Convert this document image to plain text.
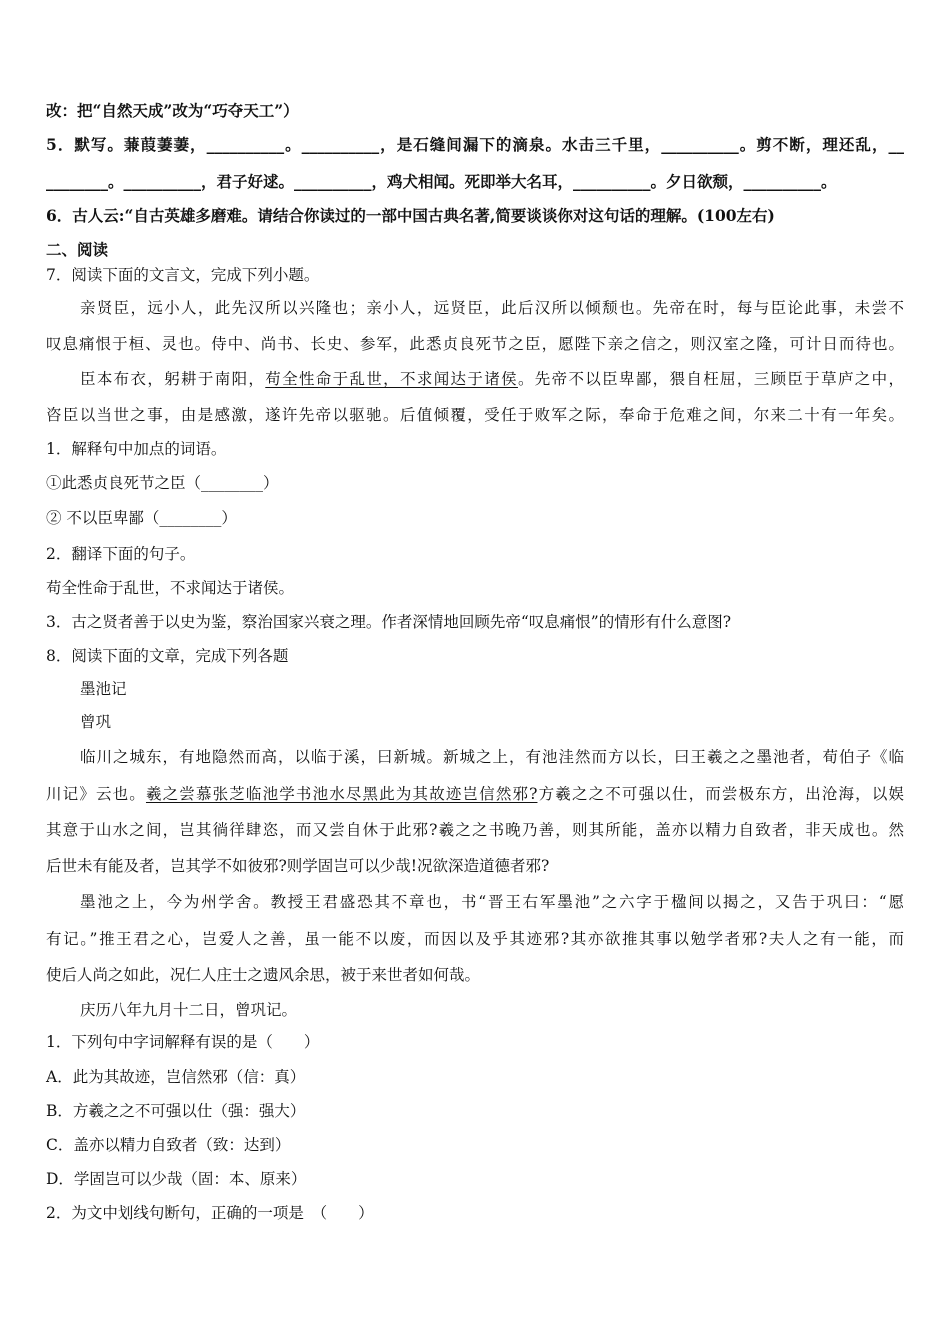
改：把“自然天成”改为“巧夺天工”）
5．默写。蒹葭萋萋，__________。__________，是石缝间漏下的滴泉。水击三千里，__________。剪不断，理还乱，__
________。__________，君子好逑。__________，鸡犬相闻。死即举大名耳，__________。夕日欲颓，__________。
6．古人云:“自古英雄多磨难。请结合你读过的一部中国古典名著,简要谈谈你对这句话的理解。(100左右)
二、阅读
7．阅读下面的文言文，完成下列小题。
亲贤臣，远小人，此先汉所以兴隆也；亲小人，远贤臣，此后汉所以倾颓也。先帝在时，每与臣论此事，未尝不
叹息痛恨于桓、灵也。侍中、尚书、长史、参军，此悉贞良死节之臣，愿陛下亲之信之，则汉室之隆，可计日而待也。
臣本布衣，躬耕于南阳，苟全性命于乱世，不求闻达于诸侯。先帝不以臣卑鄙，猥自枉屈，三顾臣于草庐之中，
咨臣以当世之事，由是感激，遂许先帝以驱驰。后值倾覆，受任于败军之际，奉命于危难之间，尔来二十有一年矣。
1．解释句中加点的词语。
①此悉贞良死节之臣（________）
② 不以臣卑鄙（________）
2．翻译下面的句子。
苟全性命于乱世，不求闻达于诸侯。
3．古之贤者善于以史为鉴，察治国家兴衰之理。作者深情地回顾先帝“叹息痛恨”的情形有什么意图?
8．阅读下面的文章，完成下列各题
墨池记
曾巩
临川之城东，有地隐然而高，以临于溪，曰新城。新城之上，有池洼然而方以长，曰王羲之之墨池者，荀伯子《临
川记》云也。羲之尝慕张芝临池学书池水尽黑此为其故迹岂信然邪?方羲之之不可强以仕，而尝极东方，出沧海，以娱
其意于山水之间，岂其徜徉肆恣，而又尝自休于此邪?羲之之书晚乃善，则其所能，盖亦以精力自致者，非天成也。然
后世未有能及者，岂其学不如彼邪?则学固岂可以少哉!况欲深造道德者邪?
墨池之上，今为州学舍。教授王君盛恐其不章也，书“晋王右军墨池”之六字于楹间以揭之，又告于巩曰：“愿
有记。”推王君之心，岂爱人之善，虽一能不以废，而因以及乎其迹邪?其亦欲推其事以勉学者邪?夫人之有一能，而
使后人尚之如此，况仁人庄士之遗风余思，被于来世者如何哉。
庆历八年九月十二日，曾巩记。
1．下列句中字词解释有误的是（　　）
A．此为其故迹，岂信然邪（信：真）
B．方羲之之不可强以仕（强：强大）
C．盖亦以精力自致者（致：达到）
D．学固岂可以少哉（固：本、原来）
2．为文中划线句断句，正确的一项是　（　　）
